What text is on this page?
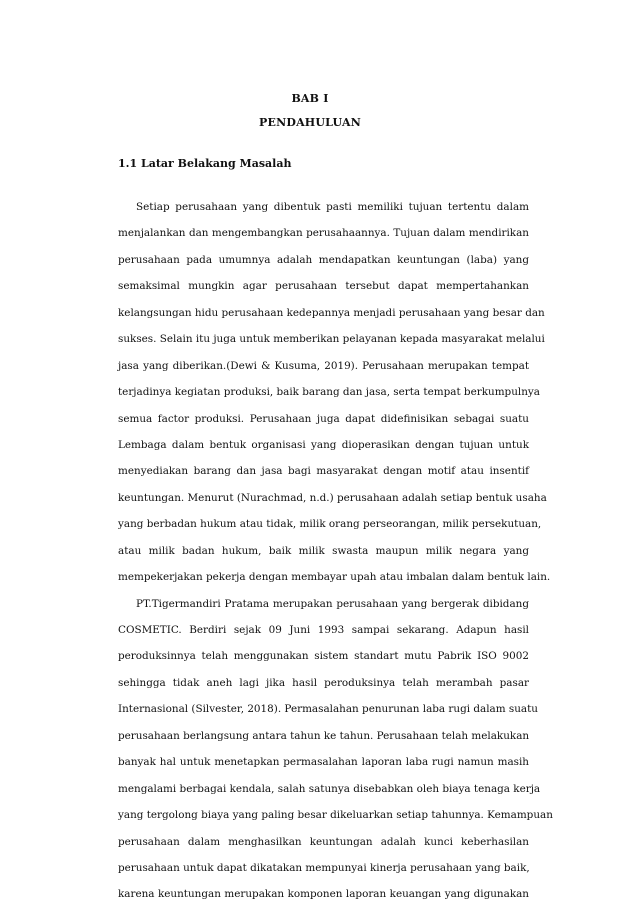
BAB I
PENDAHULUAN
1.1 Latar Belakang Masalah
Setiap perusahaan yang dibentuk pasti memiliki tujuan tertentu dalam
menjalankan dan mengembangkan perusahaannya. Tujuan dalam mendirikan
perusahaan pada umumnya adalah mendapatkan keuntungan (laba) yang
semaksimal mungkin agar perusahaan tersebut dapat mempertahankan
kelangsungan hidu perusahaan kedepannya menjadi perusahaan yang besar dan
sukses. Selain itu juga untuk memberikan pelayanan kepada masyarakat melalui
jasa yang diberikan.(Dewi & Kusuma, 2019). Perusahaan merupakan tempat
terjadinya kegiatan produksi, baik barang dan jasa, serta tempat berkumpulnya
semua factor produksi. Perusahaan juga dapat didefinisikan sebagai suatu
Lembaga dalam bentuk organisasi yang dioperasikan dengan tujuan untuk
menyediakan barang dan jasa bagi masyarakat dengan motif atau insentif
keuntungan. Menurut (Nurachmad, n.d.) perusahaan adalah setiap bentuk usaha
yang berbadan hukum atau tidak, milik orang perseorangan, milik persekutuan,
atau milik badan hukum, baik milik swasta maupun milik negara yang
mempekerjakan pekerja dengan membayar upah atau imbalan dalam bentuk lain.
PT.Tigermandiri Pratama merupakan perusahaan yang bergerak dibidang
COSMETIC. Berdiri sejak 09 Juni 1993 sampai sekarang. Adapun hasil
peroduksinnya telah menggunakan sistem standart mutu Pabrik ISO 9002
sehingga tidak aneh lagi jika hasil peroduksinya telah merambah pasar
Internasional (Silvester, 2018). Permasalahan penurunan laba rugi dalam suatu
perusahaan berlangsung antara tahun ke tahun. Perusahaan telah melakukan
banyak hal untuk menetapkan permasalahan laporan laba rugi namun masih
mengalami berbagai kendala, salah satunya disebabkan oleh biaya tenaga kerja
yang tergolong biaya yang paling besar dikeluarkan setiap tahunnya. Kemampuan
perusahaan dalam menghasilkan keuntungan adalah kunci keberhasilan
perusahaan untuk dapat dikatakan mempunyai kinerja perusahaan yang baik,
karena keuntungan merupakan komponen laporan keuangan yang digunakan
